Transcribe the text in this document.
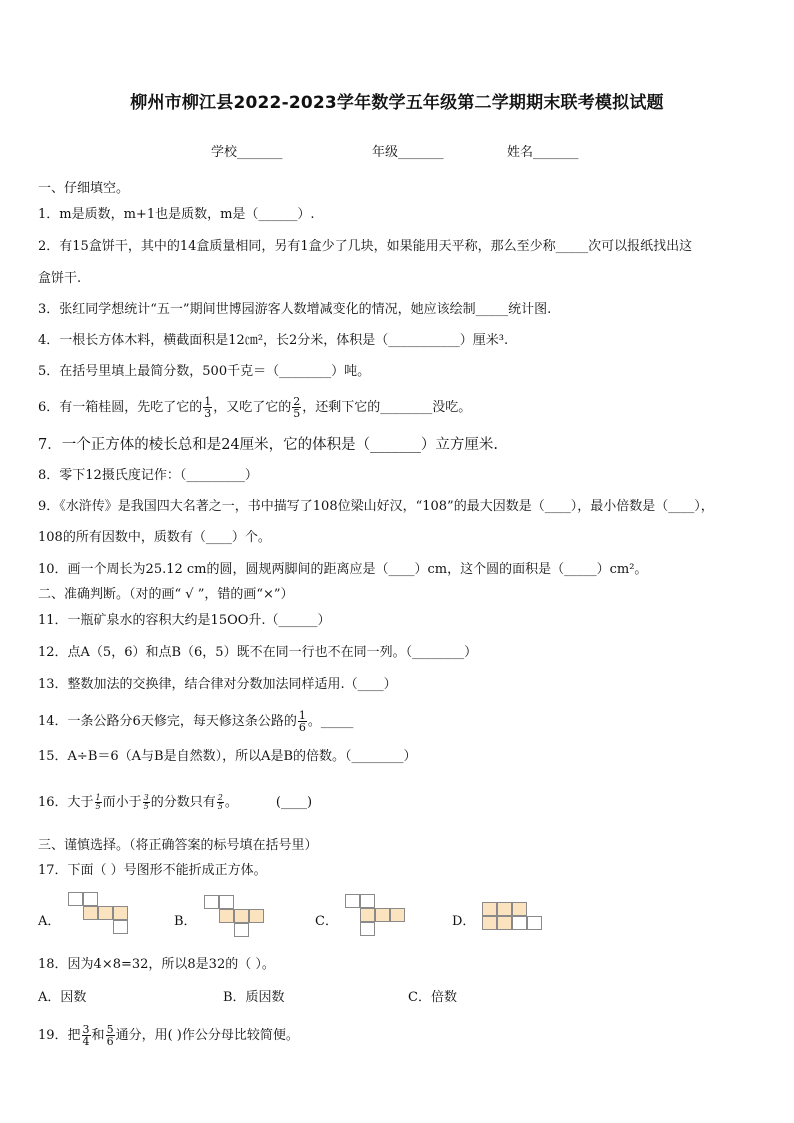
柳州市柳江县2022-2023学年数学五年级第二学期期末联考模拟试题
学校_______	年级_______	姓名_______
一、仔细填空。
1．m是质数，m+1也是质数，m是（______）.
2．有15盒饼干，其中的14盒质量相同，另有1盒少了几块，如果能用天平称，那么至少称_____次可以报纸找出这
盒饼干.
3．张红同学想统计“五一”期间世博园游客人数增减变化的情况，她应该绘制_____统计图.
4．一根长方体木料，横截面积是12㎝²，长2分米，体积是（___________）厘米³.
5．在括号里填上最简分数，500千克＝（________）吨。
6．有一箱桂圆，先吃了它的 $\frac{1}{3}$ ，又吃了它的 $\frac{2}{5}$ ，还剩下它的________没吃。
7．一个正方体的棱长总和是24厘米，它的体积是（_______）立方厘米.
8．零下12摄氏度记作：（_________）
9．《水浒传》是我国四大名著之一，书中描写了108位梁山好汉，“108”的最大因数是（____），最小倍数是（____），
108的所有因数中，质数有（____）个。
10．画一个周长为25.12 cm的圆，圆规两脚间的距离应是（____）cm，这个圆的面积是（_____）cm²。
二、准确判断。（对的画“ √ ”，错的画“×”）
11．一瓶矿泉水的容积大约是15OO升.（______）
12．点A（5，6）和点B（6，5）既不在同一行也不在同一列。（________）
13．整数加法的交换律，结合律对分数加法同样适用.（____）
14．一条公路分6天修完，每天修这条公路的 $\frac{1}{6}$ 。_____
15．A÷B＝6（A与B是自然数），所以A是B的倍数。（________）
16．大于 $\frac{1}{5}$ 而小于 $\frac{3}{5}$ 的分数只有 $\frac{2}{5}$ 。	(____)
三、谨慎选择。（将正确答案的标号填在括号里）
17．下面（ ）号图形不能折成正方体。
A．	B．	C．	D．
18．因为4×8=32，所以8是32的（ ）。
A．因数	B．质因数	C．倍数
19．把 $\frac{3}{4}$ 和 $\frac{5}{6}$ 通分，用( )作公分母比较简便。
